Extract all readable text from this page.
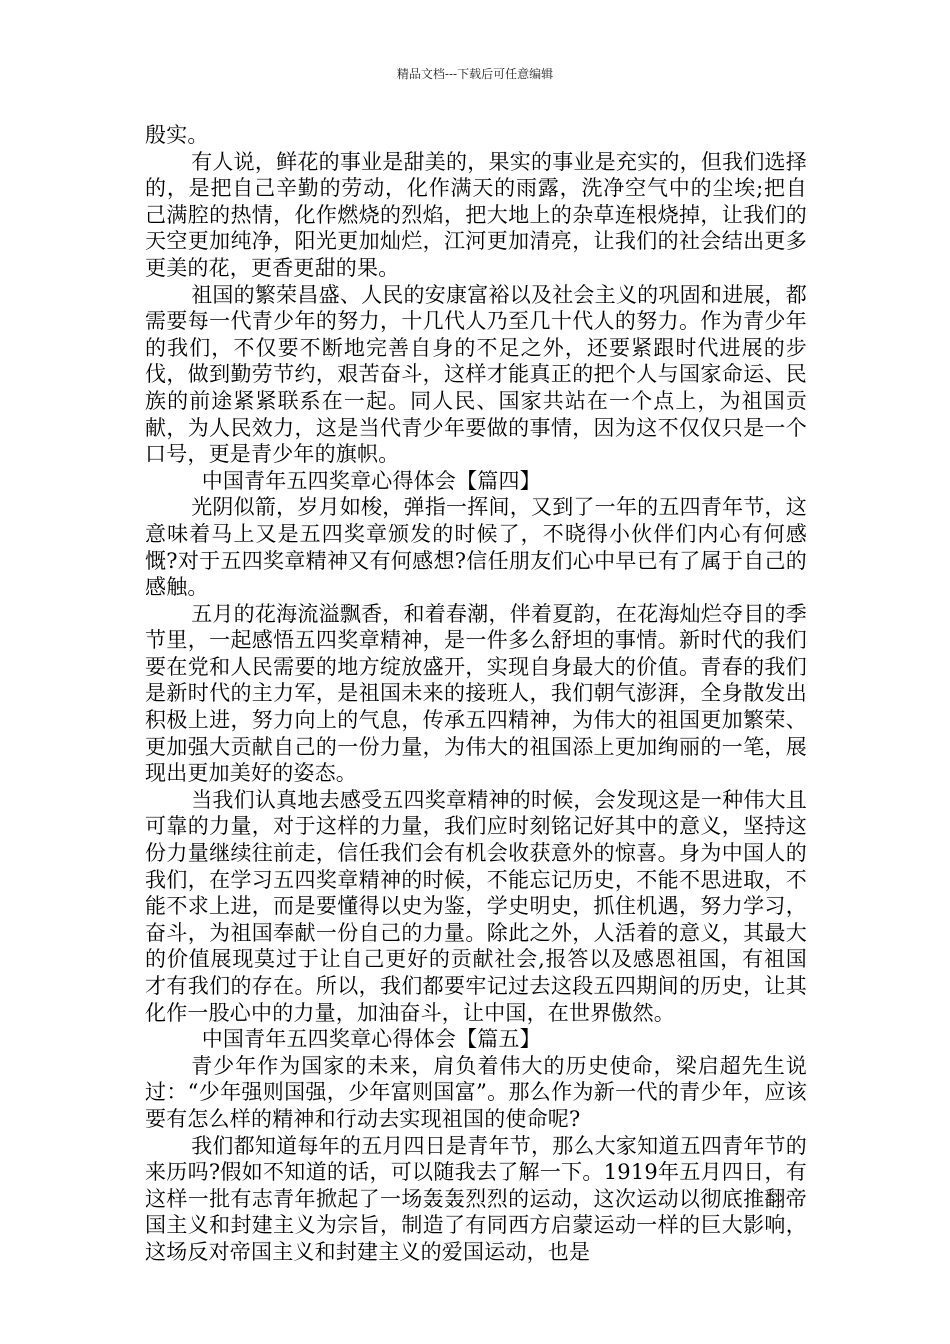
精品文档---下载后可任意编辑

殷实。

有人说，鲜花的事业是甜美的，果实的事业是充实的，但我们选择的，是把自己辛勤的劳动，化作满天的雨露，洗净空气中的尘埃;把自己满腔的热情，化作燃烧的烈焰，把大地上的杂草连根烧掉，让我们的天空更加纯净，阳光更加灿烂，江河更加清亮，让我们的社会结出更多更美的花，更香更甜的果。

祖国的繁荣昌盛、人民的安康富裕以及社会主义的巩固和进展，都需要每一代青少年的努力，十几代人乃至几十代人的努力。作为青少年的我们，不仅要不断地完善自身的不足之外，还要紧跟时代进展的步伐，做到勤劳节约，艰苦奋斗，这样才能真正的把个人与国家命运、民族的前途紧紧联系在一起。同人民、国家共站在一个点上，为祖国贡献，为人民效力，这是当代青少年要做的事情，因为这不仅仅只是一个口号，更是青少年的旗帜。

中国青年五四奖章心得体会【篇四】

光阴似箭，岁月如梭，弹指一挥间，又到了一年的五四青年节，这意味着马上又是五四奖章颁发的时候了，不晓得小伙伴们内心有何感慨?对于五四奖章精神又有何感想?信任朋友们心中早已有了属于自己的感触。

五月的花海流溢飘香，和着春潮，伴着夏韵，在花海灿烂夺目的季节里，一起感悟五四奖章精神，是一件多么舒坦的事情。新时代的我们要在党和人民需要的地方绽放盛开，实现自身最大的价值。青春的我们是新时代的主力军，是祖国未来的接班人，我们朝气澎湃，全身散发出积极上进，努力向上的气息，传承五四精神，为伟大的祖国更加繁荣、更加强大贡献自己的一份力量，为伟大的祖国添上更加绚丽的一笔，展现出更加美好的姿态。

当我们认真地去感受五四奖章精神的时候，会发现这是一种伟大且可靠的力量，对于这样的力量，我们应时刻铭记好其中的意义，坚持这份力量继续往前走，信任我们会有机会收获意外的惊喜。身为中国人的我们，在学习五四奖章精神的时候，不能忘记历史，不能不思进取，不能不求上进，而是要懂得以史为鉴，学史明史，抓住机遇，努力学习，奋斗，为祖国奉献一份自己的力量。除此之外，人活着的意义，其最大的价值展现莫过于让自己更好的贡献社会,报答以及感恩祖国，有祖国才有我们的存在。所以，我们都要牢记过去这段五四期间的历史，让其化作一股心中的力量，加油奋斗，让中国，在世界傲然。

中国青年五四奖章心得体会【篇五】

青少年作为国家的未来，肩负着伟大的历史使命，梁启超先生说过：“少年强则国强，少年富则国富”。那么作为新一代的青少年，应该要有怎么样的精神和行动去实现祖国的使命呢?

我们都知道每年的五月四日是青年节，那么大家知道五四青年节的来历吗?假如不知道的话，可以随我去了解一下。1919年五月四日，有这样一批有志青年掀起了一场轰轰烈烈的运动，这次运动以彻底推翻帝国主义和封建主义为宗旨，制造了有同西方启蒙运动一样的巨大影响，这场反对帝国主义和封建主义的爱国运动，也是
